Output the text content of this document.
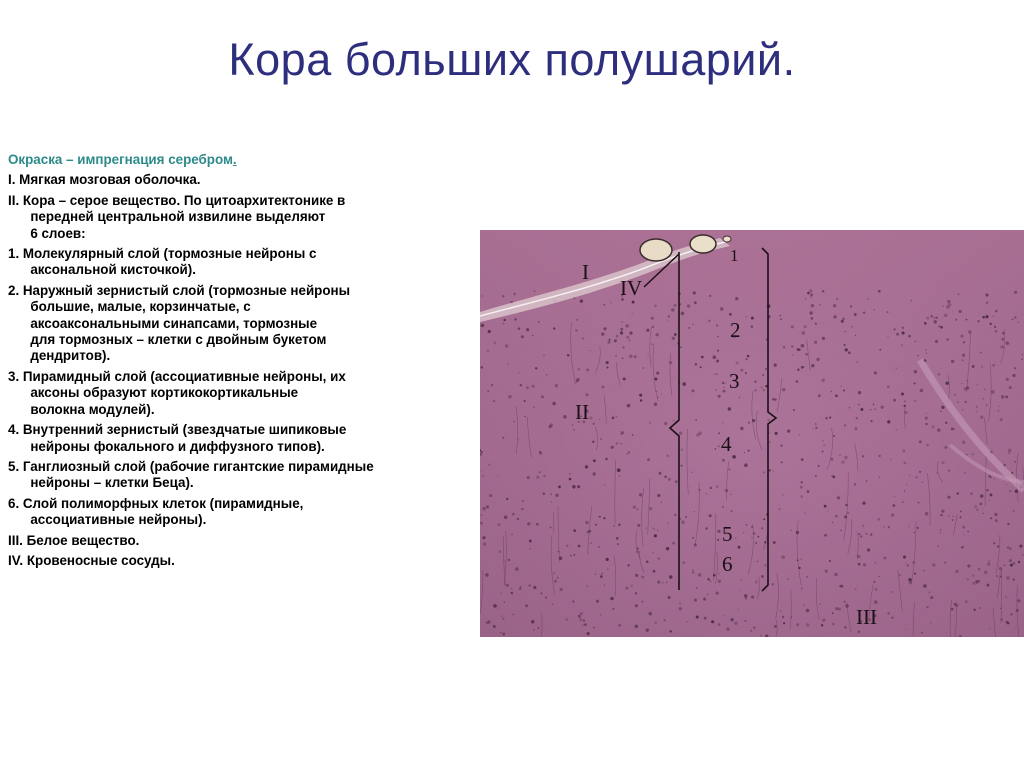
Кора больших полушарий.
Окраска – импрегнация серебром.
I. Мягкая мозговая оболочка.
II. Кора – серое вещество. По цитоархитектонике в
передней центральной извилине выделяют
6 слоев:
1. Молекулярный слой (тормозные нейроны с
аксональной кисточкой).
2. Наружный зернистый слой (тормозные нейроны
большие, малые, корзинчатые, с
аксоаксональными синапсами, тормозные
для тормозных – клетки с двойным букетом
дендритов).
3. Пирамидный слой (ассоциативные нейроны, их
аксоны образуют кортикокортикальные
волокна модулей).
4. Внутренний зернистый (звездчатые шипиковые
нейроны фокального и диффузного типов).
5. Ганглиозный слой (рабочие гигантские пирамидные
нейроны – клетки Беца).
6. Слой полиморфных клеток (пирамидные,
ассоциативные нейроны).
III. Белое вещество.
IV. Кровеносные сосуды.
I
IV
II
III
1
2
3
4
5
6
